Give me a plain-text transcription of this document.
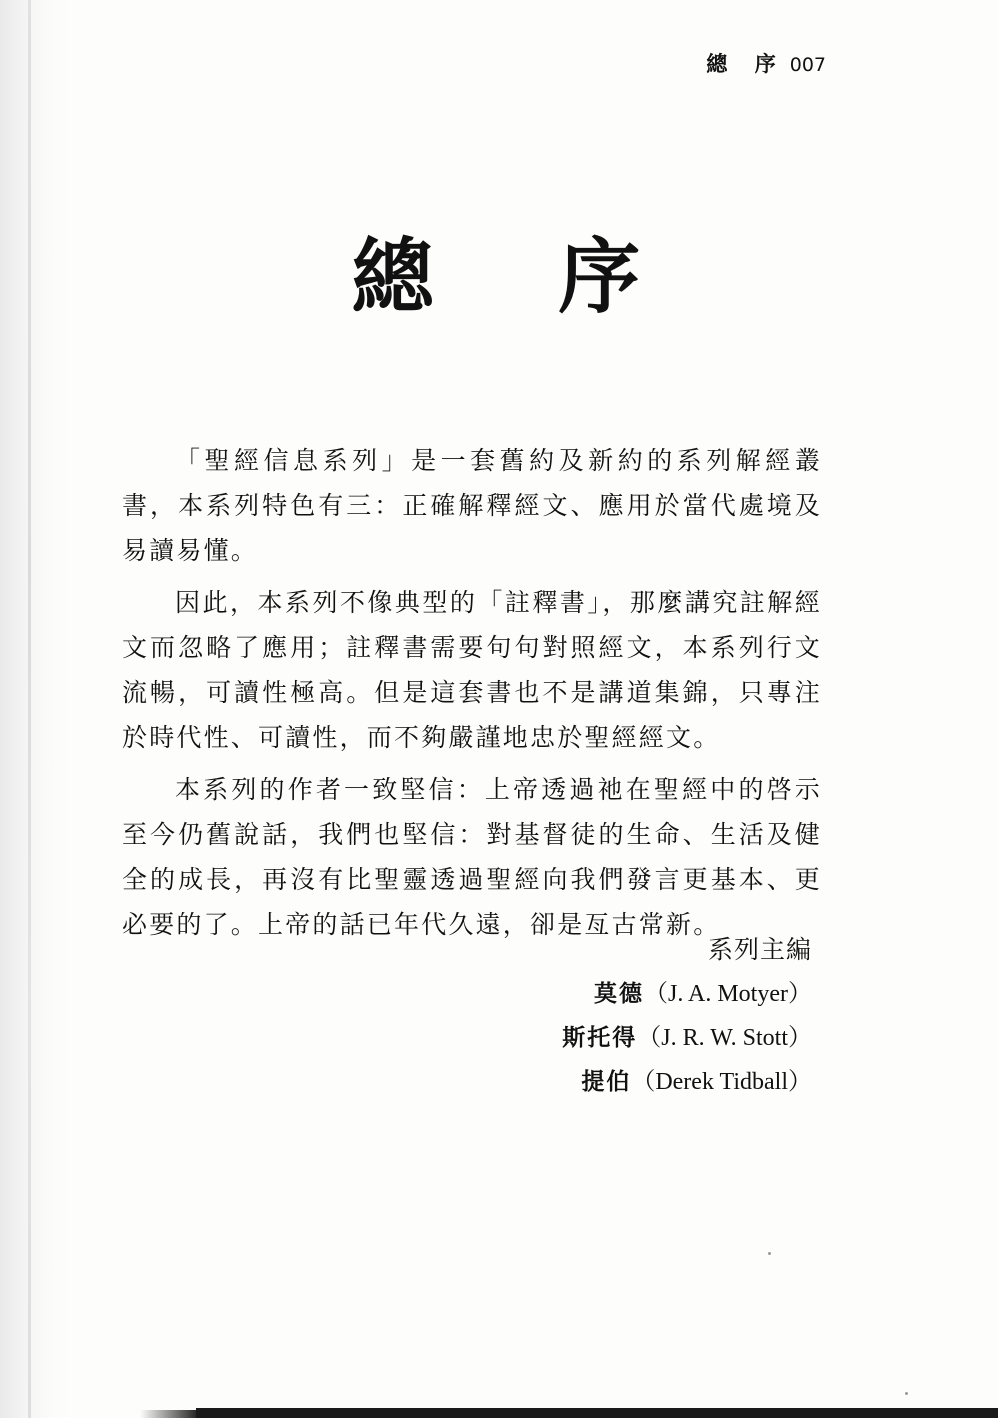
總 序 007
總 序

「聖經信息系列」是一套舊約及新約的系列解經叢書，本系列特色有三：正確解釋經文、應用於當代處境及易讀易懂。

因此，本系列不像典型的「註釋書」，那麼講究註解經文而忽略了應用；註釋書需要句句對照經文，本系列行文流暢，可讀性極高。但是這套書也不是講道集錦，只專注於時代性、可讀性，而不夠嚴謹地忠於聖經經文。

本系列的作者一致堅信：上帝透過祂在聖經中的啓示至今仍舊說話，我們也堅信：對基督徒的生命、生活及健全的成長，再沒有比聖靈透過聖經向我們發言更基本、更必要的了。上帝的話已年代久遠，卻是亙古常新。

系列主編
莫德（J. A. Motyer）
斯托得（J. R. W. Stott）
提伯（Derek Tidball）
